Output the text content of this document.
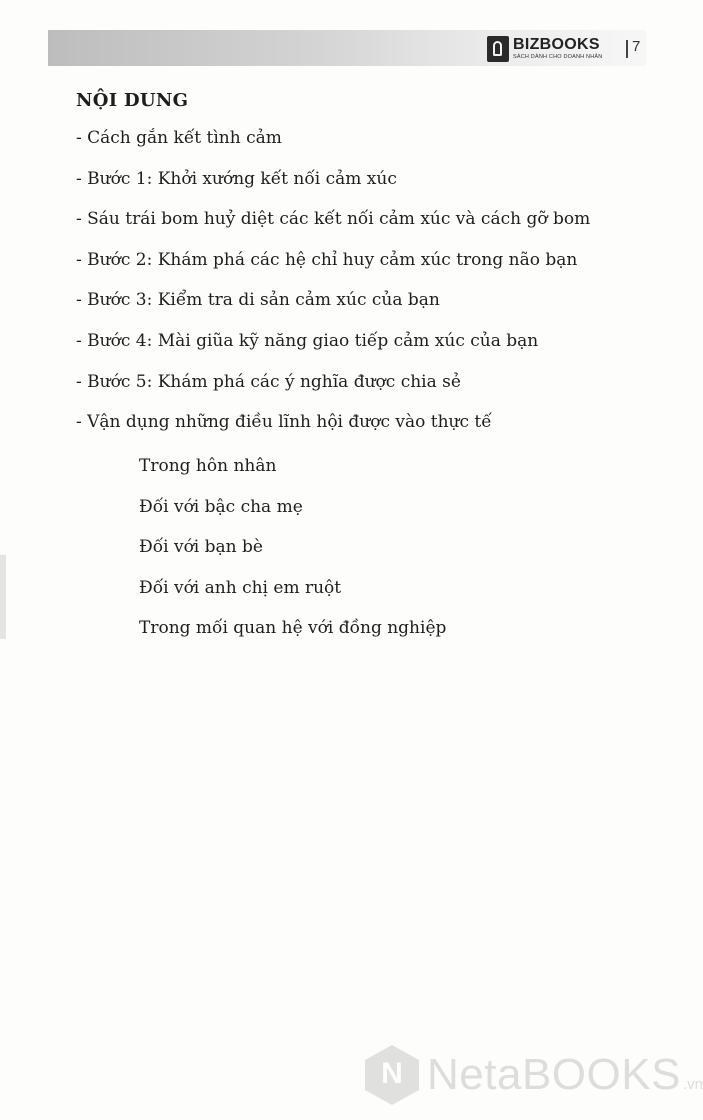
BIZBOOKS
SÁCH DÀNH CHO DOANH NHÂN
7
NỘI DUNG
- Cách gắn kết tình cảm
- Bước 1: Khởi xướng kết nối cảm xúc
- Sáu trái bom huỷ diệt các kết nối cảm xúc và cách gỡ bom
- Bước 2: Khám phá các hệ chỉ huy cảm xúc trong não bạn
- Bước 3: Kiểm tra di sản cảm xúc của bạn
- Bước 4: Mài giũa kỹ năng giao tiếp cảm xúc của bạn
- Bước 5: Khám phá các ý nghĩa được chia sẻ
- Vận dụng những điều lĩnh hội được vào thực tế
Trong hôn nhân
Đối với bậc cha mẹ
Đối với bạn bè
Đối với anh chị em ruột
Trong mối quan hệ với đồng nghiệp
N
NetaBOOKS .vn
